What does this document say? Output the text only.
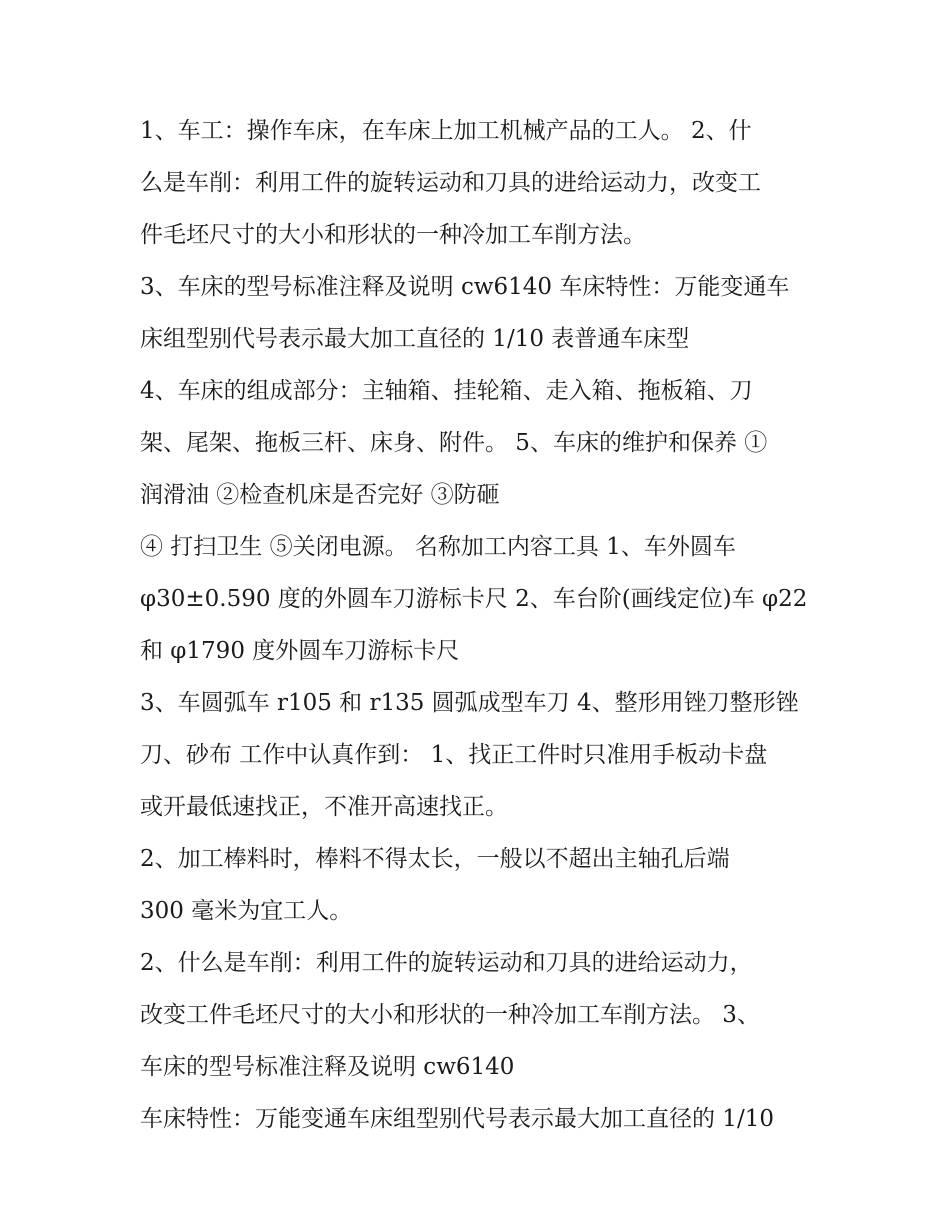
1、车工：操作车床，在车床上加工机械产品的工人。 2、什
么是车削：利用工件的旋转运动和刀具的进给运动力，改变工
件毛坯尺寸的大小和形状的一种冷加工车削方法。
3、车床的型号标准注释及说明 cw6140 车床特性：万能变通车
床组型别代号表示最大加工直径的 1/10 表普通车床型
4、车床的组成部分：主轴箱、挂轮箱、走入箱、拖板箱、刀
架、尾架、拖板三杆、床身、附件。 5、车床的维护和保养 ①
润滑油 ②检查机床是否完好 ③防砸
④ 打扫卫生 ⑤关闭电源。 名称加工内容工具 1、车外圆车
φ30±0.590 度的外圆车刀游标卡尺 2、车台阶(画线定位)车 φ22
和 φ1790 度外圆车刀游标卡尺
3、车圆弧车 r105 和 r135 圆弧成型车刀 4、整形用锉刀整形锉
刀、砂布 工作中认真作到： 1、找正工件时只准用手板动卡盘
或开最低速找正，不准开高速找正。
2、加工棒料时，棒料不得太长，一般以不超出主轴孔后端
300 毫米为宜工人。
2、什么是车削：利用工件的旋转运动和刀具的进给运动力，
改变工件毛坯尺寸的大小和形状的一种冷加工车削方法。 3、
车床的型号标准注释及说明 cw6140
车床特性：万能变通车床组型别代号表示最大加工直径的 1/10
